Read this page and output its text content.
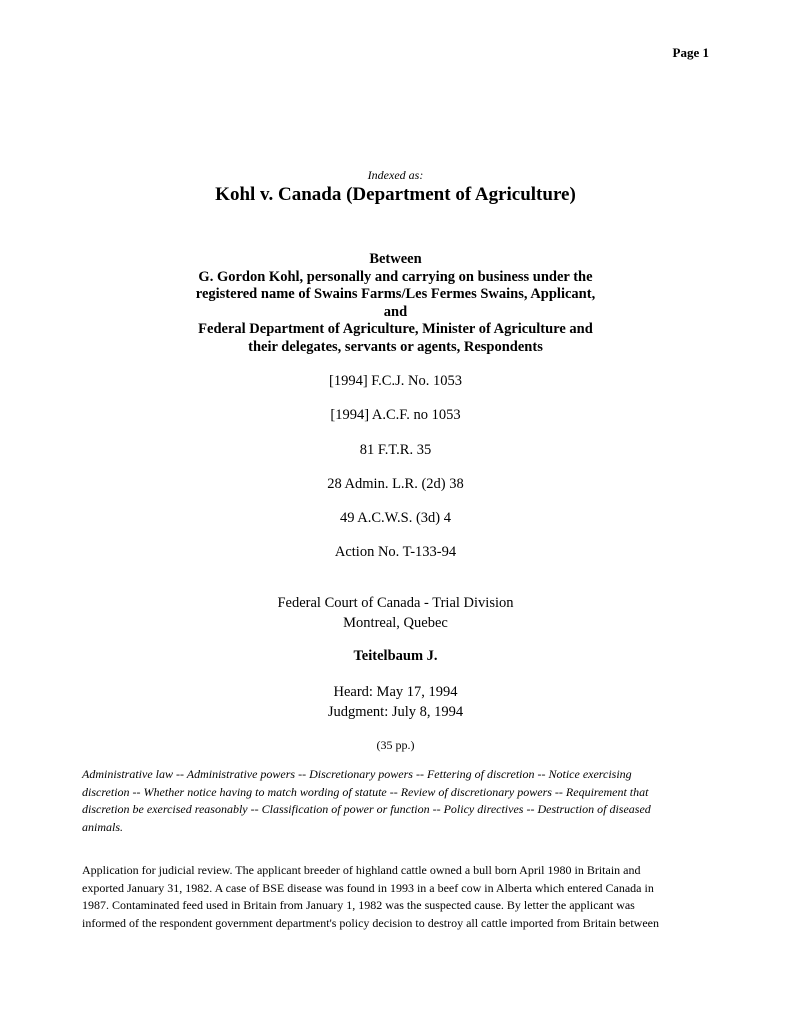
Page 1
Indexed as:
Kohl v. Canada (Department of Agriculture)
Between
G. Gordon Kohl, personally and carrying on business under the
registered name of Swains Farms/Les Fermes Swains, Applicant,
and
Federal Department of Agriculture, Minister of Agriculture and
their delegates, servants or agents, Respondents
[1994] F.C.J. No. 1053
[1994] A.C.F. no 1053
81 F.T.R. 35
28 Admin. L.R. (2d) 38
49 A.C.W.S. (3d) 4
Action No. T-133-94
Federal Court of Canada - Trial Division
Montreal, Quebec
Teitelbaum J.
Heard: May 17, 1994
Judgment: July 8, 1994
(35 pp.)
Administrative law -- Administrative powers -- Discretionary powers -- Fettering of discretion -- Notice exercising
discretion -- Whether notice having to match wording of statute -- Review of discretionary powers -- Requirement that
discretion be exercised reasonably -- Classification of power or function -- Policy directives -- Destruction of diseased
animals.
Application for judicial review. The applicant breeder of highland cattle owned a bull born April 1980 in Britain and
exported January 31, 1982. A case of BSE disease was found in 1993 in a beef cow in Alberta which entered Canada in
1987. Contaminated feed used in Britain from January 1, 1982 was the suspected cause. By letter the applicant was
informed of the respondent government department's policy decision to destroy all cattle imported from Britain between
